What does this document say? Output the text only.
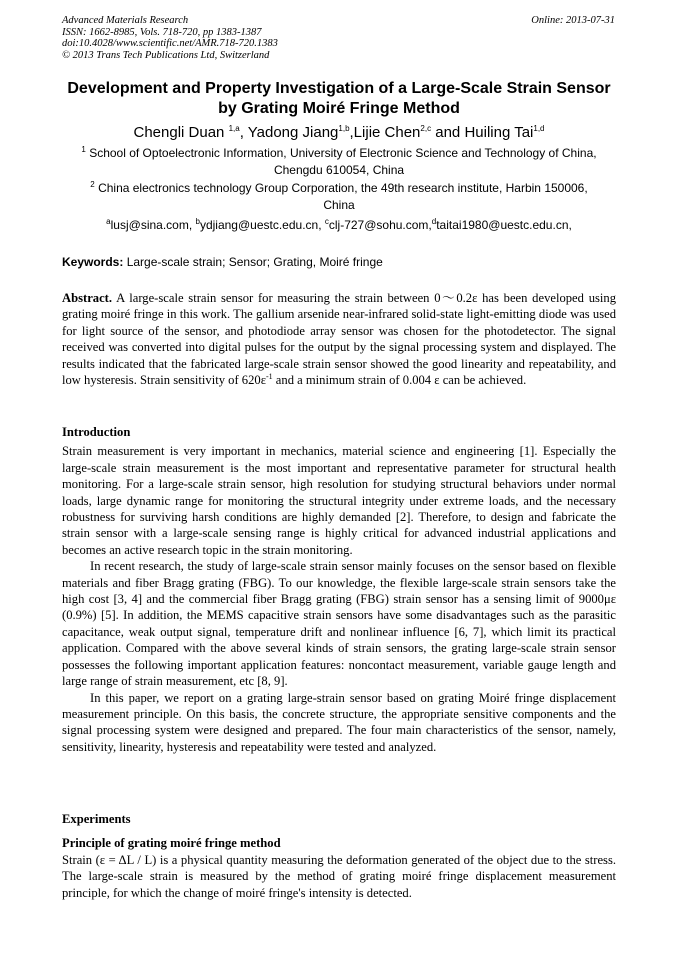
Advanced Materials Research
ISSN: 1662-8985, Vols. 718-720, pp 1383-1387
doi:10.4028/www.scientific.net/AMR.718-720.1383
© 2013 Trans Tech Publications Ltd, Switzerland
Online: 2013-07-31
Development and Property Investigation of a Large-Scale Strain Sensor
by Grating Moiré Fringe Method
Chengli Duan $^{1,a}$, Yadong Jiang$^{1,b}$,Lijie Chen$^{2,c}$ and Huiling Tai$^{1,d}$
$^1$ School of Optoelectronic Information, University of Electronic Science and Technology of China, Chengdu 610054, China
$^2$ China electronics technology Group Corporation, the 49th research institute, Harbin 150006, China
$^a$lusj@sina.com, $^b$ydjiang@uestc.edu.cn, $^c$clj-727@sohu.com,$^d$taitai1980@uestc.edu.cn,
Keywords: Large-scale strain; Sensor; Grating, Moiré fringe

Abstract. A large-scale strain sensor for measuring the strain between 0～0.2ε has been developed using grating moiré fringe in this work. The gallium arsenide near-infrared solid-state light-emitting diode was used for light source of the sensor, and photodiode array sensor was chosen for the photodetector. The signal received was converted into digital pulses for the output by the signal processing system and displayed. The results indicated that the fabricated large-scale strain sensor showed the good linearity and repeatability, and low hysteresis. Strain sensitivity of $620\varepsilon^{-1}$ and a minimum strain of 0.004 ε can be achieved.

Introduction

Strain measurement is very important in mechanics, material science and engineering [1]. Especially the large-scale strain measurement is the most important and representative parameter for structural health monitoring. For a large-scale strain sensor, high resolution for studying structural behaviors under normal loads, large dynamic range for monitoring the structural integrity under extreme loads, and the necessary robustness for surviving harsh conditions are highly demanded [2]. Therefore, to design and fabricate the strain sensor with a large-scale sensing range is highly critical for advanced industrial applications and becomes an active research topic in the strain monitoring.

In recent research, the study of large-scale strain sensor mainly focuses on the sensor based on flexible materials and fiber Bragg grating (FBG). To our knowledge, the flexible large-scale strain sensors take the high cost [3, 4] and the commercial fiber Bragg grating (FBG) strain sensor has a sensing limit of 9000με (0.9%) [5]. In addition, the MEMS capacitive strain sensors have some disadvantages such as the parasitic capacitance, weak output signal, temperature drift and nonlinear influence [6, 7], which limit its practical application. Compared with the above several kinds of strain sensors, the grating large-scale strain sensor possesses the following important application features: noncontact measurement, variable gauge length and large range of strain measurement, etc [8, 9].

In this paper, we report on a grating large-strain sensor based on grating Moiré fringe displacement measurement principle. On this basis, the concrete structure, the appropriate sensitive components and the signal processing system were designed and prepared. The four main characteristics of the sensor, namely, sensitivity, linearity, hysteresis and repeatability were tested and analyzed.

Experiments
Principle of grating moiré fringe method

Strain (ε = ΔL / L) is a physical quantity measuring the deformation generated of the object due to the stress. The large-scale strain is measured by the method of grating moiré fringe displacement measurement principle, for which the change of moiré fringe's intensity is detected.
